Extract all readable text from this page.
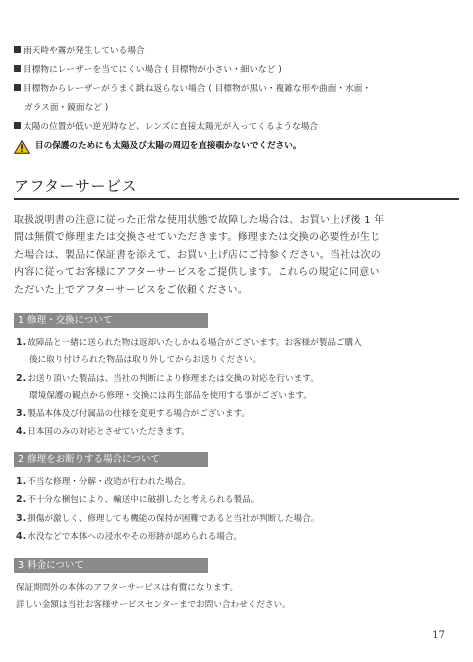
雨天時や霧が発生している場合
目標物にレーザーを当てにくい場合 ( 目標物が小さい・細いなど )
目標物からレーザーがうまく跳ね返らない場合 ( 目標物が黒い・複雑な形や曲面・水面・
ガラス面・鏡面など )
太陽の位置が低い逆光時など、レンズに直接太陽光が入ってくるような場合
目の保護のためにも太陽及び太陽の周辺を直接覗かないでください。
アフターサービス
取扱説明書の注意に従った正常な使用状態で故障した場合は、お買い上げ後 1 年
間は無償で修理または交換させていただきます。修理または交換の必要性が生じ
た場合は、製品に保証書を添えて、お買い上げ店にご持参ください。当社は次の
内容に従ってお客様にアフターサービスをご提供します。これらの規定に同意い
ただいた上でアフターサービスをご依頼ください。
1 修理・交換について
1.故障品と一緒に送られた物は返却いたしかねる場合がございます。お客様が製品ご購入
後に取り付けられた物品は取り外してからお送りください。
2.お送り頂いた製品は、当社の判断により修理または交換の対応を行います。
環境保護の観点から修理・交換には再生部品を使用する事がございます。
3.製品本体及び付属品の仕様を変更する場合がございます。
4.日本国のみの対応とさせていただきます。
2 修理をお断りする場合について
1.不当な修理・分解・改造が行われた場合。
2.不十分な梱包により、輸送中に破損したと考えられる製品。
3.損傷が激しく、修理しても機能の保持が困難であると当社が判断した場合。
4.水没などで本体への浸水やその形跡が認められる場合。
3 料金について
保証期間外の本体のアフターサービスは有償になります。
詳しい金額は当社お客様サービスセンターまでお問い合わせください。
17
